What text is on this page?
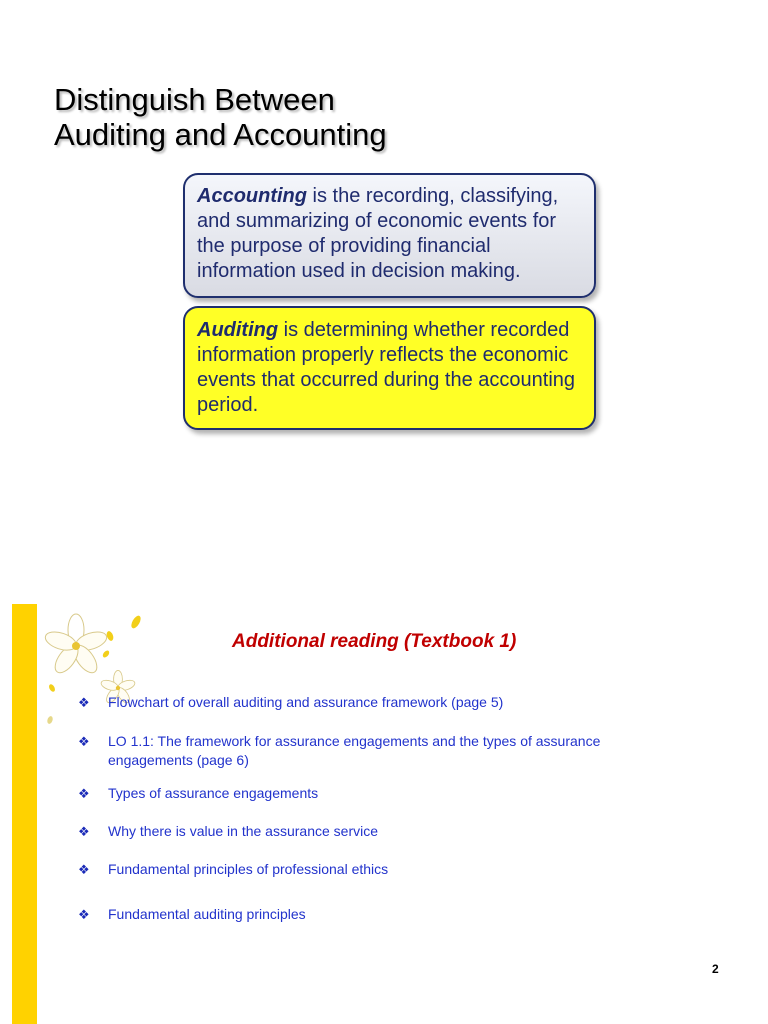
Distinguish Between
Auditing and Accounting
Accounting is the recording, classifying, and summarizing of economic events for the purpose of providing financial information used in decision making.
Auditing is determining whether recorded information properly reflects the economic events that occurred during the accounting period.
Additional reading (Textbook 1)
❖ Flowchart of overall auditing and assurance framework (page 5)
❖ LO 1.1: The framework for assurance engagements and the types of assurance engagements (page 6)
❖ Types of assurance engagements
❖ Why there is value in the assurance service
❖ Fundamental principles of professional ethics
❖ Fundamental auditing principles
2
